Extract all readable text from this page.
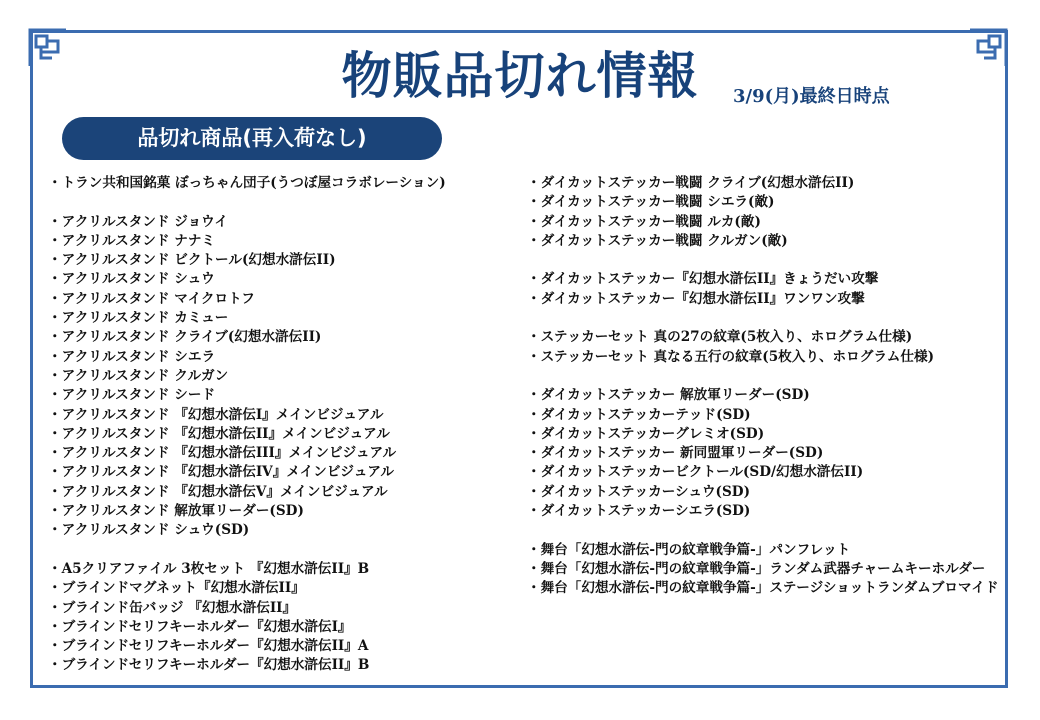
物販品切れ情報	3/9(月)最終日時点
品切れ商品(再入荷なし)
・トラン共和国銘菓 ぼっちゃん団子(うつぼ屋コラボレーション)
・アクリルスタンド ジョウイ
・アクリルスタンド ナナミ
・アクリルスタンド ビクトール(幻想水滸伝II)
・アクリルスタンド シュウ
・アクリルスタンド マイクロトフ
・アクリルスタンド カミュー
・アクリルスタンド クライブ(幻想水滸伝II)
・アクリルスタンド シエラ
・アクリルスタンド クルガン
・アクリルスタンド シード
・アクリルスタンド 『幻想水滸伝I』メインビジュアル
・アクリルスタンド 『幻想水滸伝II』メインビジュアル
・アクリルスタンド 『幻想水滸伝III』メインビジュアル
・アクリルスタンド 『幻想水滸伝IV』メインビジュアル
・アクリルスタンド 『幻想水滸伝V』メインビジュアル
・アクリルスタンド 解放軍リーダー(SD)
・アクリルスタンド シュウ(SD)
・A5クリアファイル 3枚セット 『幻想水滸伝II』B
・ブラインドマグネット『幻想水滸伝II』
・ブラインド缶バッジ 『幻想水滸伝II』
・ブラインドセリフキーホルダー『幻想水滸伝I』
・ブラインドセリフキーホルダー『幻想水滸伝II』A
・ブラインドセリフキーホルダー『幻想水滸伝II』B
・ダイカットステッカー戦闘 クライブ(幻想水滸伝II)
・ダイカットステッカー戦闘 シエラ(敵)
・ダイカットステッカー戦闘 ルカ(敵)
・ダイカットステッカー戦闘 クルガン(敵)
・ダイカットステッカー『幻想水滸伝II』きょうだい攻撃
・ダイカットステッカー『幻想水滸伝II』ワンワン攻撃
・ステッカーセット 真の27の紋章(5枚入り、ホログラム仕様)
・ステッカーセット 真なる五行の紋章(5枚入り、ホログラム仕様)
・ダイカットステッカー 解放軍リーダー(SD)
・ダイカットステッカーテッド(SD)
・ダイカットステッカーグレミオ(SD)
・ダイカットステッカー 新同盟軍リーダー(SD)
・ダイカットステッカービクトール(SD/幻想水滸伝II)
・ダイカットステッカーシュウ(SD)
・ダイカットステッカーシエラ(SD)
・舞台「幻想水滸伝-門の紋章戦争篇-」パンフレット
・舞台「幻想水滸伝-門の紋章戦争篇-」ランダム武器チャームキーホルダー
・舞台「幻想水滸伝-門の紋章戦争篇-」ステージショットランダムブロマイド
